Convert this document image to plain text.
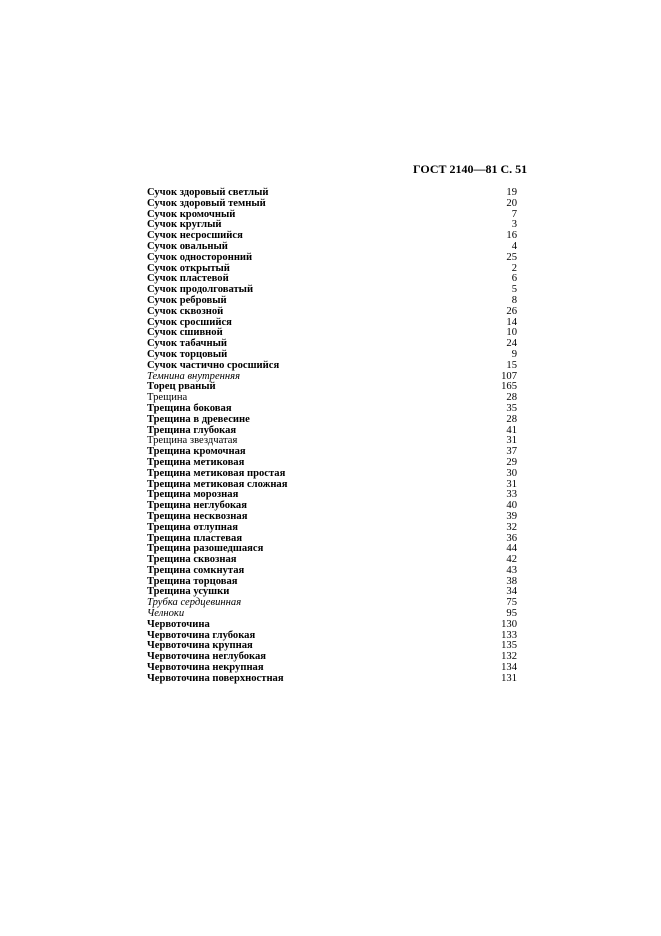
ГОСТ 2140—81 С. 51
Сучок здоровый светлый	19
Сучок здоровый темный	20
Сучок кромочный	7
Сучок круглый	3
Сучок несросшийся	16
Сучок овальный	4
Сучок односторонний	25
Сучок открытый	2
Сучок пластевой	6
Сучок продолговатый	5
Сучок ребровый	8
Сучок сквозной	26
Сучок сросшийся	14
Сучок сшивной	10
Сучок табачный	24
Сучок торцовый	9
Сучок частично сросшийся	15
Темнина внутренняя	107
Торец рваный	165
Трещина	28
Трещина боковая	35
Трещина в древесине	28
Трещина глубокая	41
Трещина звездчатая	31
Трещина кромочная	37
Трещина метиковая	29
Трещина метиковая простая	30
Трещина метиковая сложная	31
Трещина морозная	33
Трещина неглубокая	40
Трещина несквозная	39
Трещина отлупная	32
Трещина пластевая	36
Трещина разошедшаяся	44
Трещина сквозная	42
Трещина сомкнутая	43
Трещина торцовая	38
Трещина усушки	34
Трубка сердцевинная	75
Челноки	95
Червоточина	130
Червоточина глубокая	133
Червоточина крупная	135
Червоточина неглубокая	132
Червоточина некрупная	134
Червоточина поверхностная	131
